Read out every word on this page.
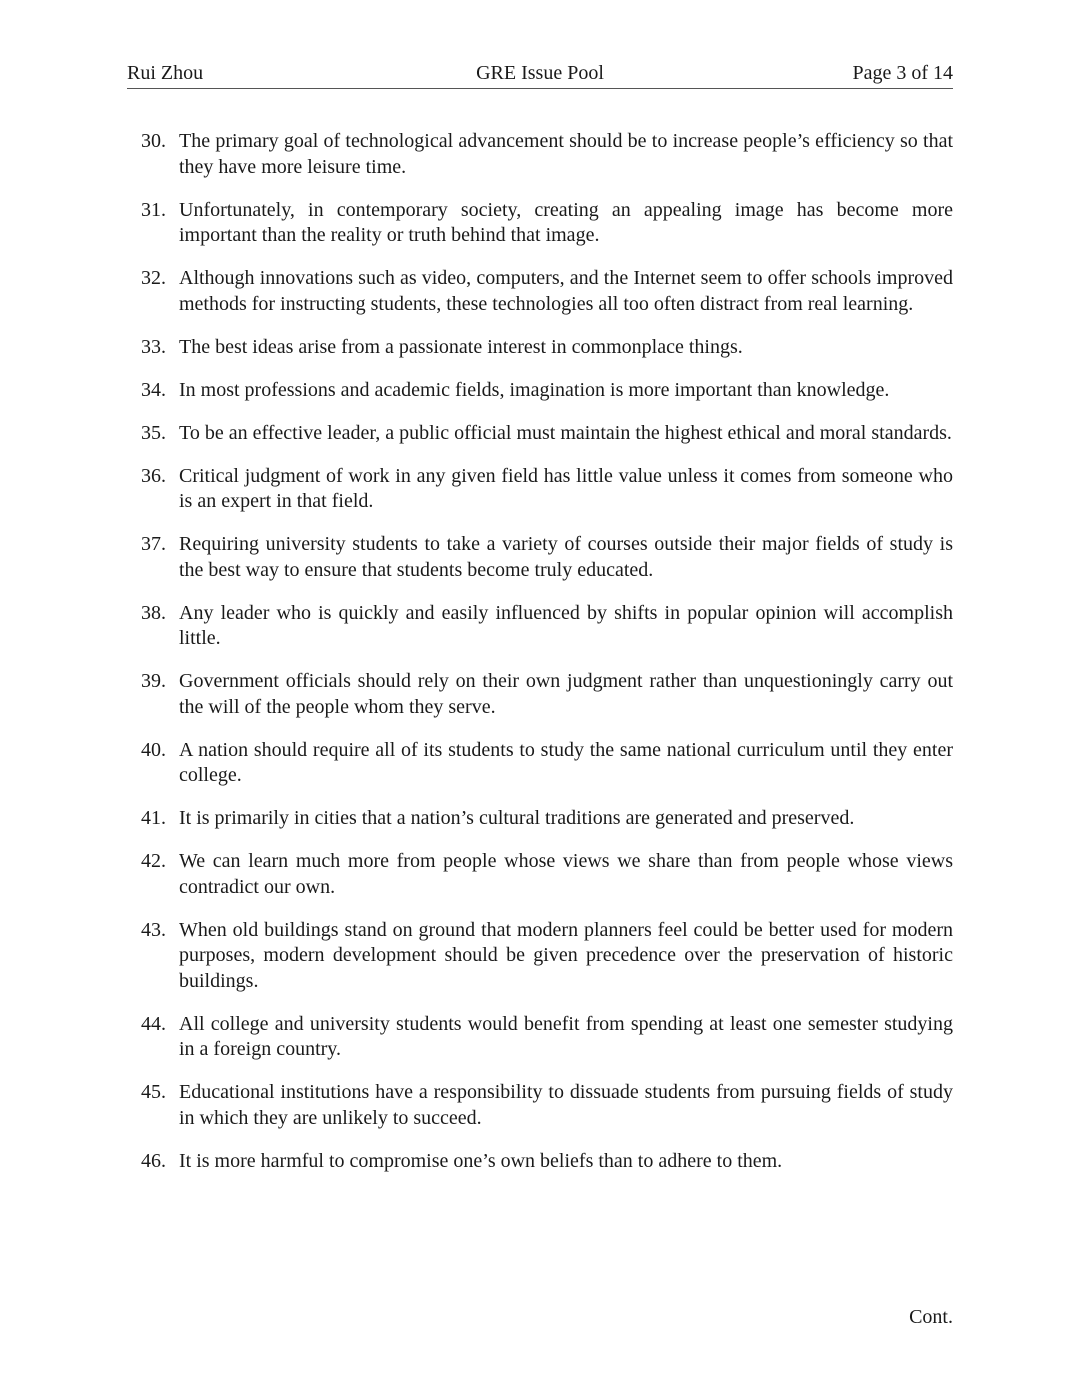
Rui Zhou	GRE Issue Pool	Page 3 of 14
30. The primary goal of technological advancement should be to increase people’s efficiency so that they have more leisure time.
31. Unfortunately, in contemporary society, creating an appealing image has become more important than the reality or truth behind that image.
32. Although innovations such as video, computers, and the Internet seem to offer schools improved methods for instructing students, these technologies all too often distract from real learning.
33. The best ideas arise from a passionate interest in commonplace things.
34. In most professions and academic fields, imagination is more important than knowledge.
35. To be an effective leader, a public official must maintain the highest ethical and moral standards.
36. Critical judgment of work in any given field has little value unless it comes from someone who is an expert in that field.
37. Requiring university students to take a variety of courses outside their major fields of study is the best way to ensure that students become truly educated.
38. Any leader who is quickly and easily influenced by shifts in popular opinion will accomplish little.
39. Government officials should rely on their own judgment rather than unquestioningly carry out the will of the people whom they serve.
40. A nation should require all of its students to study the same national curriculum until they enter college.
41. It is primarily in cities that a nation’s cultural traditions are generated and preserved.
42. We can learn much more from people whose views we share than from people whose views contradict our own.
43. When old buildings stand on ground that modern planners feel could be better used for modern purposes, modern development should be given precedence over the preservation of historic buildings.
44. All college and university students would benefit from spending at least one semester studying in a foreign country.
45. Educational institutions have a responsibility to dissuade students from pursuing fields of study in which they are unlikely to succeed.
46. It is more harmful to compromise one’s own beliefs than to adhere to them.
Cont.
